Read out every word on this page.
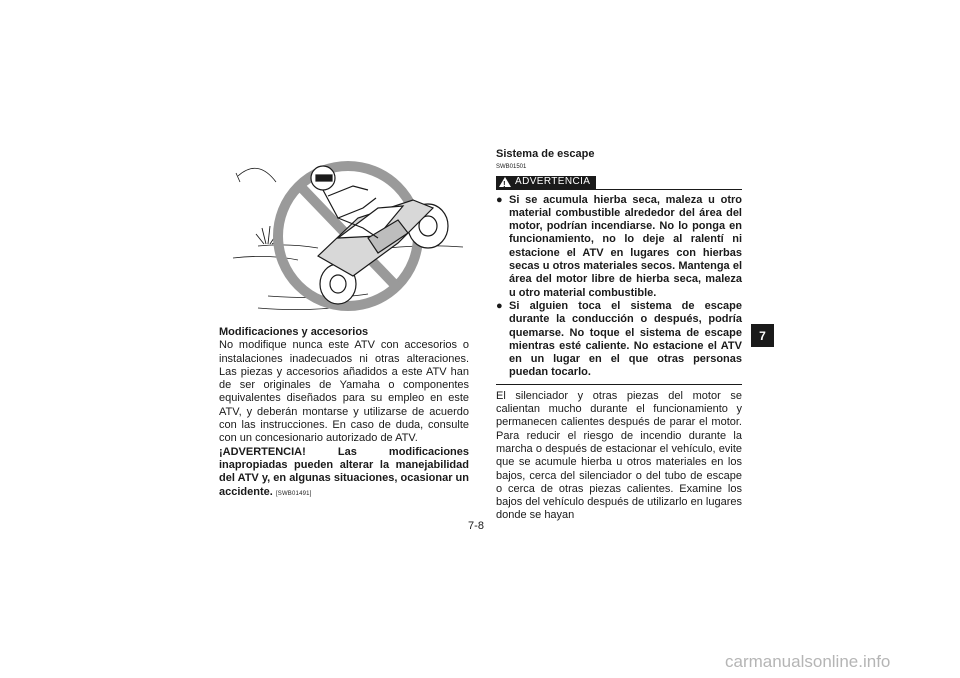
Modificaciones y accesorios

No modifique nunca este ATV con accesorios o instalaciones inadecuados ni otras alteraciones. Las piezas y accesorios añadidos a este ATV han de ser originales de Yamaha o componentes equivalentes diseñados para su empleo en este ATV, y deberán montarse y utilizarse de acuerdo con las instrucciones. En caso de duda, consulte con un concesionario autorizado de ATV.

¡ADVERTENCIA! Las modificaciones inapropiadas pueden alterar la manejabilidad del ATV y, en algunas situaciones, ocasionar un accidente. [SWB01491]

Sistema de escape

SWB01501

! ADVERTENCIA
● Si se acumula hierba seca, maleza u otro material combustible alrededor del área del motor, podrían incendiarse. No lo ponga en funcionamiento, no lo deje al ralentí ni estacione el ATV en lugares con hierbas secas u otros materiales secos. Mantenga el área del motor libre de hierba seca, maleza u otro material combustible.
● Si alguien toca el sistema de escape durante la conducción o después, podría quemarse. No toque el sistema de escape mientras esté caliente. No estacione el ATV en un lugar en el que otras personas puedan tocarlo.

El silenciador y otras piezas del motor se calientan mucho durante el funcionamiento y permanecen calientes después de parar el motor. Para reducir el riesgo de incendio durante la marcha o después de estacionar el vehículo, evite que se acumule hierba u otros materiales en los bajos, cerca del silenciador o del tubo de escape o cerca de otras piezas calientes. Examine los bajos del vehículo después de utilizarlo en lugares donde se hayan

7
7-8
carmanualsonline.info
